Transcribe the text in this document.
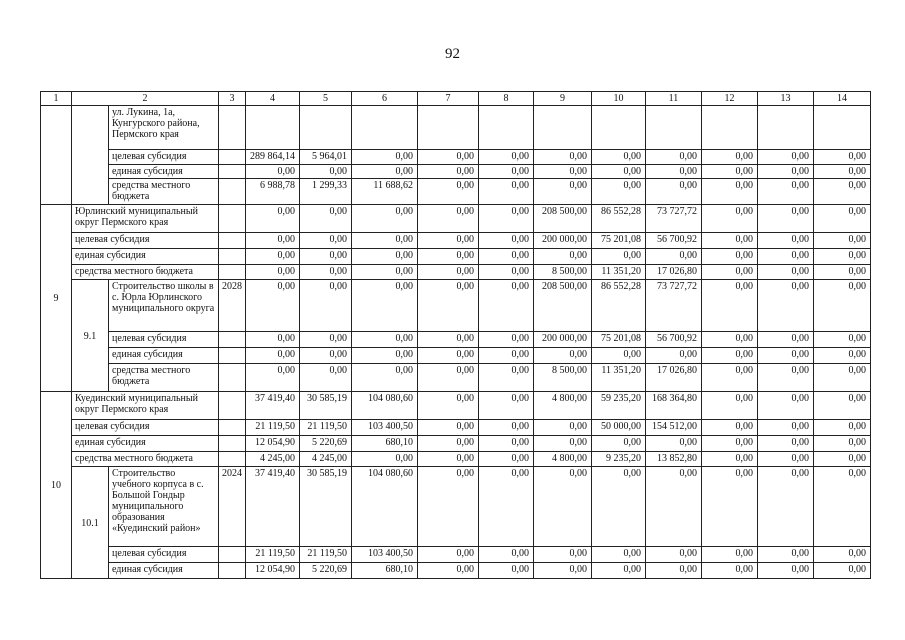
92
1	2		3	4	5	6	7	8	9	10	11	12	13	14
		ул. Лукина, 1а, Кунгурского района, Пермского края												
		целевая субсидия		289 864,14	5 964,01	0,00	0,00	0,00	0,00	0,00	0,00	0,00	0,00	0,00
		единая субсидия		0,00	0,00	0,00	0,00	0,00	0,00	0,00	0,00	0,00	0,00	0,00
		средства местного бюджета		6 988,78	1 299,33	11 688,62	0,00	0,00	0,00	0,00	0,00	0,00	0,00	0,00
9	Юрлинский муниципальный округ Пермского края			0,00	0,00	0,00	0,00	0,00	208 500,00	86 552,28	73 727,72	0,00	0,00	0,00
	целевая субсидия			0,00	0,00	0,00	0,00	0,00	200 000,00	75 201,08	56 700,92	0,00	0,00	0,00
	единая субсидия			0,00	0,00	0,00	0,00	0,00	0,00	0,00	0,00	0,00	0,00	0,00
	средства местного бюджета			0,00	0,00	0,00	0,00	0,00	8 500,00	11 351,20	17 026,80	0,00	0,00	0,00
	9.1	Строительство школы в с. Юрла Юрлинского муниципального округа	2028	0,00	0,00	0,00	0,00	0,00	208 500,00	86 552,28	73 727,72	0,00	0,00	0,00
		целевая субсидия		0,00	0,00	0,00	0,00	0,00	200 000,00	75 201,08	56 700,92	0,00	0,00	0,00
		единая субсидия		0,00	0,00	0,00	0,00	0,00	0,00	0,00	0,00	0,00	0,00	0,00
		средства местного бюджета		0,00	0,00	0,00	0,00	0,00	8 500,00	11 351,20	17 026,80	0,00	0,00	0,00
10	Куединский муниципальный округ Пермского края			37 419,40	30 585,19	104 080,60	0,00	0,00	4 800,00	59 235,20	168 364,80	0,00	0,00	0,00
	целевая субсидия			21 119,50	21 119,50	103 400,50	0,00	0,00	0,00	50 000,00	154 512,00	0,00	0,00	0,00
	единая субсидия			12 054,90	5 220,69	680,10	0,00	0,00	0,00	0,00	0,00	0,00	0,00	0,00
	средства местного бюджета			4 245,00	4 245,00	0,00	0,00	0,00	4 800,00	9 235,20	13 852,80	0,00	0,00	0,00
	10.1	Строительство учебного корпуса в с. Большой Гондыр муниципального образования «Куединский район»	2024	37 419,40	30 585,19	104 080,60	0,00	0,00	0,00	0,00	0,00	0,00	0,00	0,00
		целевая субсидия		21 119,50	21 119,50	103 400,50	0,00	0,00	0,00	0,00	0,00	0,00	0,00	0,00
		единая субсидия		12 054,90	5 220,69	680,10	0,00	0,00	0,00	0,00	0,00	0,00	0,00	0,00
